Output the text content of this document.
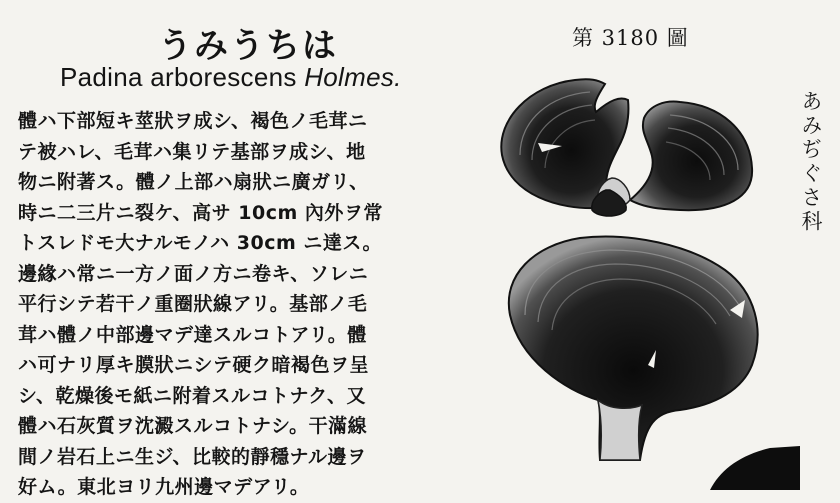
うみうちは
Padina arborescens Holmes.
第 3180 圖
あみぢぐさ科
體ハ下部短キ莖狀ヲ成シ、褐色ノ毛茸ニ
テ被ハレ、毛茸ハ集リテ基部ヲ成シ、地
物ニ附著ス。體ノ上部ハ扇狀ニ廣ガリ、
時ニ二三片ニ裂ケ、高サ 10cm 內外ヲ常
トスレドモ大ナルモノハ 30cm ニ達ス。
邊緣ハ常ニ一方ノ面ノ方ニ卷キ、ソレニ
平行シテ若干ノ重圈狀線アリ。基部ノ毛
茸ハ體ノ中部邊マデ達スルコトアリ。體
ハ可ナリ厚キ膜狀ニシテ硬ク暗褐色ヲ呈
シ、乾燥後モ紙ニ附着スルコトナク、又
體ハ石灰質ヲ沈澱スルコトナシ。干滿線
間ノ岩石上ニ生ジ、比較的靜穩ナル邊ヲ
好ム。東北ヨリ九州邊マデアリ。
